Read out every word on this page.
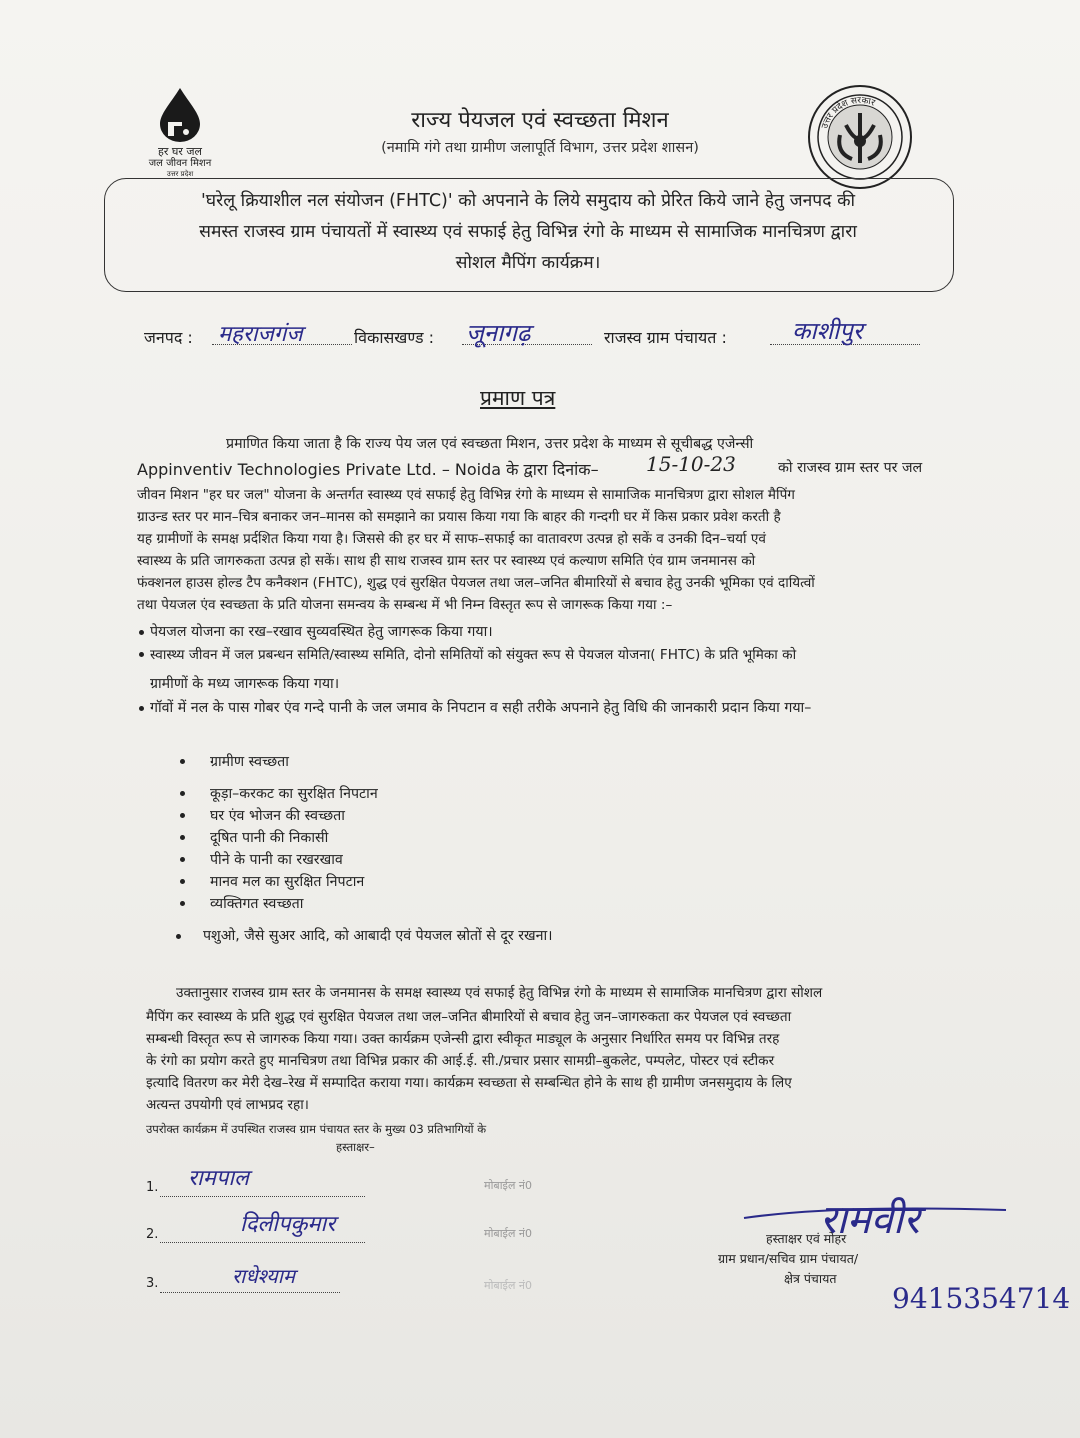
हर घर जल
जल जीवन मिशन
उत्तर प्रदेश
राज्य पेयजल एवं स्वच्छता मिशन
(नमामि गंगे तथा ग्रामीण जलापूर्ति विभाग, उत्तर प्रदेश शासन)
उत्तर प्रदेश सरकार
'घरेलू क्रियाशील नल संयोजन (FHTC)' को अपनाने के लिये समुदाय को प्रेरित किये जाने हेतु जनपद की
समस्त राजस्व ग्राम पंचायतों में स्वास्थ्य एवं सफाई हेतु विभिन्न रंगो के माध्यम से सामाजिक मानचित्रण द्वारा
सोशल मैपिंग कार्यक्रम।
जनपद : महराजगंज	विकासखण्ड : जूनागढ़	राजस्व ग्राम पंचायत :	काशीपुर
प्रमाण पत्र
प्रमाणित किया जाता है कि राज्य पेय जल एवं स्वच्छता मिशन, उत्तर प्रदेश के माध्यम से सूचीबद्ध एजेन्सी
Appinventiv Technologies Private Ltd. – Noida के द्वारा दिनांक– 15-10-23	को राजस्व ग्राम स्तर पर जल
जीवन मिशन "हर घर जल" योजना के अन्तर्गत स्वास्थ्य एवं सफाई हेतु विभिन्न रंगो के माध्यम से सामाजिक मानचित्रण द्वारा सोशल मैपिंग
ग्राउन्ड स्तर पर मान–चित्र बनाकर जन–मानस को समझाने का प्रयास किया गया कि बाहर की गन्दगी घर में किस प्रकार प्रवेश करती है
यह ग्रामीणों के समक्ष प्रर्दशित किया गया है। जिससे की हर घर में साफ–सफाई का वातावरण उत्पन्न हो सकें व उनकी दिन–चर्या एवं
स्वास्थ्य के प्रति जागरुकता उत्पन्न हो सकें। साथ ही साथ राजस्व ग्राम स्तर पर स्वास्थ्य एवं कल्याण समिति एंव ग्राम जनमानस को
फंक्शनल हाउस होल्ड टैप कनैक्शन (FHTC), शुद्ध एवं सुरक्षित पेयजल तथा जल–जनित बीमारियों से बचाव हेतु उनकी भूमिका एवं दायित्वों
तथा पेयजल एंव स्वच्छता के प्रति योजना समन्वय के सम्बन्ध में भी निम्न विस्तृत रूप से जागरूक किया गया :–
पेयजल योजना का रख–रखाव सुव्यवस्थित हेतु जागरूक किया गया।
स्वास्थ्य जीवन में जल प्रबन्धन समिति/स्वास्थ्य समिति, दोनो समितियों को संयुक्त रूप से पेयजल योजना( FHTC) के प्रति भूमिका को
ग्रामीणों के मध्य जागरूक किया गया।
गॉवों में नल के पास गोबर एंव गन्दे पानी के जल जमाव के निपटान व सही तरीके अपनाने हेतु विधि की जानकारी प्रदान किया गया–
ग्रामीण स्वच्छता
कूड़ा–करकट का सुरक्षित निपटान
घर एंव भोजन की स्वच्छता
दूषित पानी की निकासी
पीने के पानी का रखरखाव
मानव मल का सुरक्षित निपटान
व्यक्तिगत स्वच्छता
पशुओ, जैसे सुअर आदि, को आबादी एवं पेयजल स्रोतों से दूर रखना।
उक्तानुसार राजस्व ग्राम स्तर के जनमानस के समक्ष स्वास्थ्य एवं सफाई हेतु विभिन्न रंगो के माध्यम से सामाजिक मानचित्रण द्वारा सोशल
मैपिंग कर स्वास्थ्य के प्रति शुद्ध एवं सुरक्षित पेयजल तथा जल–जनित बीमारियों से बचाव हेतु जन–जागरुकता कर पेयजल एवं स्वच्छता
सम्बन्धी विस्तृत रूप से जागरुक किया गया। उक्त कार्यक्रम एजेन्सी द्वारा स्वीकृत माड्यूल के अनुसार निर्धारित समय पर विभिन्न तरह
के रंगो का प्रयोग करते हुए मानचित्रण तथा विभिन्न प्रकार की आई.ई. सी./प्रचार प्रसार सामग्री–बुकलेट, पम्पलेट, पोस्टर एवं स्टीकर
इत्यादि वितरण कर मेरी देख–रेख में सम्पादित कराया गया। कार्यक्रम स्वच्छता से सम्बन्धित होने के साथ ही ग्रामीण जनसमुदाय के लिए
अत्यन्त उपयोगी एवं लाभप्रद रहा।
उपरोक्त कार्यक्रम में उपस्थित राजस्व ग्राम पंचायत स्तर के मुख्य 03 प्रतिभागियों के
हस्ताक्षर–
1. रामपाल	मोबाईल नं0
2.	दिलीपकुमार	मोबाईल नं0
3.	राधेश्याम	मोबाईल नं0
रामवीर
हस्ताक्षर एवं मोहर
ग्राम प्रधान/सचिव ग्राम पंचायत/
क्षेत्र पंचायत
9415354714
